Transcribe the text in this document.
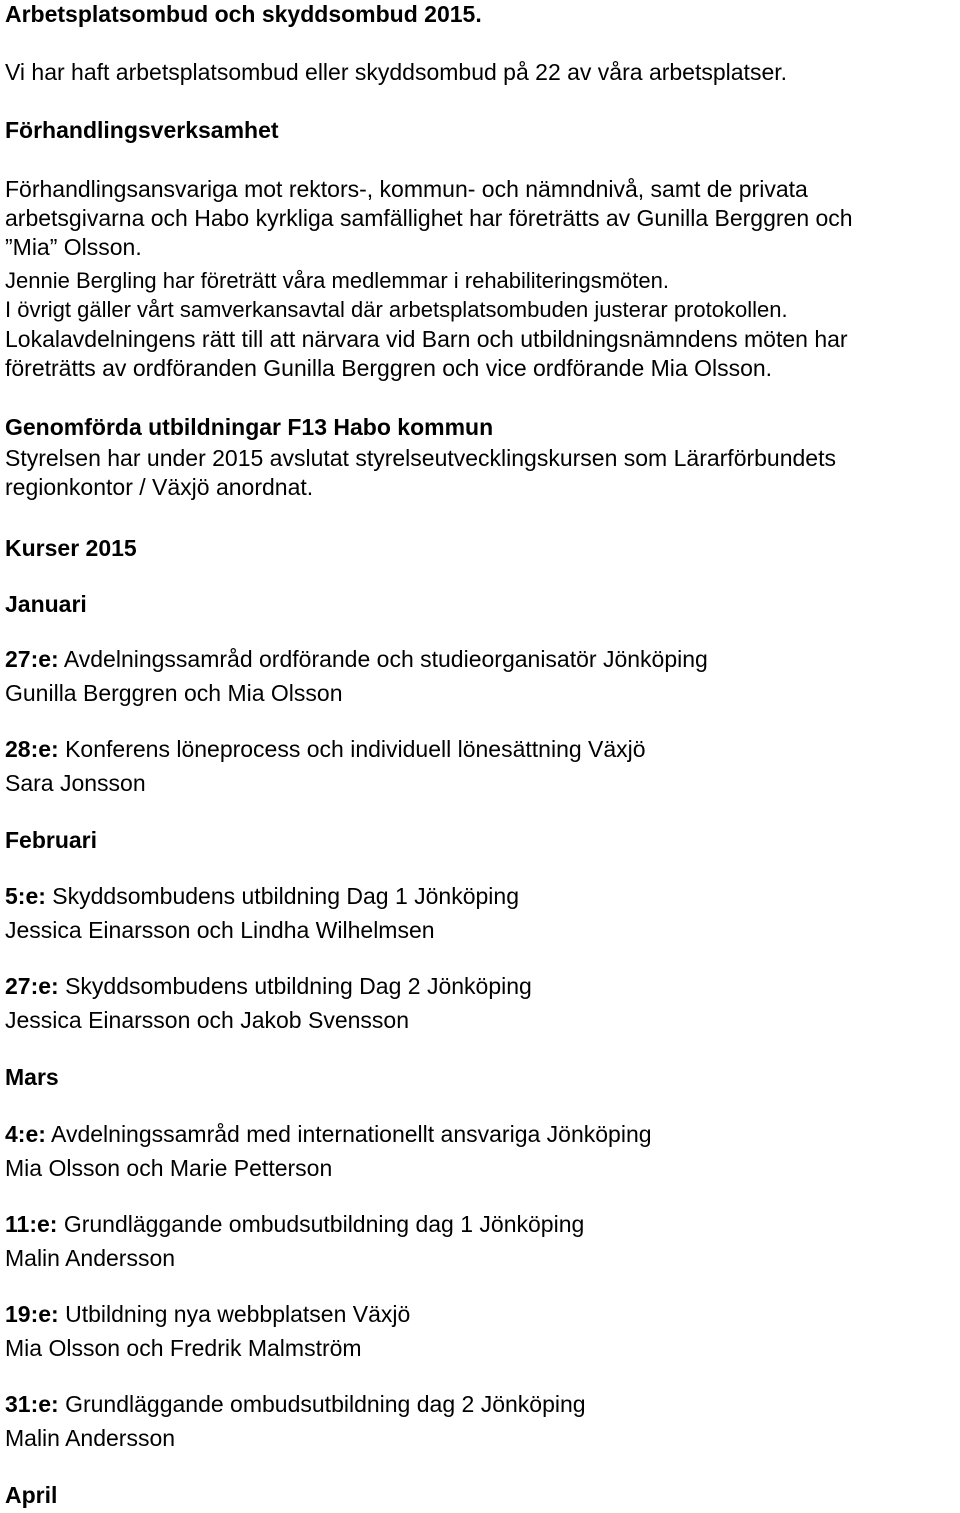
Arbetsplatsombud och skyddsombud 2015.
Vi har haft arbetsplatsombud eller skyddsombud på 22 av våra arbetsplatser.
Förhandlingsverksamhet
Förhandlingsansvariga mot rektors-, kommun- och nämndnivå, samt de privata
arbetsgivarna och Habo kyrkliga samfällighet har företrätts av Gunilla Berggren och
”Mia” Olsson.
Jennie Bergling har företrätt våra medlemmar i rehabiliteringsmöten.
I övrigt gäller vårt samverkansavtal där arbetsplatsombuden justerar protokollen.
Lokalavdelningens rätt till att närvara vid Barn och utbildningsnämndens möten har
företrätts av ordföranden Gunilla Berggren och vice ordförande Mia Olsson.
Genomförda utbildningar F13 Habo kommun
Styrelsen har under 2015 avslutat styrelseutvecklingskursen som Lärarförbundets
regionkontor / Växjö anordnat.
Kurser 2015
Januari
27:e: Avdelningssamråd ordförande och studieorganisatör Jönköping
Gunilla Berggren och Mia Olsson
28:e: Konferens löneprocess och individuell lönesättning Växjö
Sara Jonsson
Februari
5:e: Skyddsombudens utbildning Dag 1 Jönköping
Jessica Einarsson och Lindha Wilhelmsen
27:e: Skyddsombudens utbildning Dag 2 Jönköping
Jessica Einarsson och Jakob Svensson
Mars
4:e: Avdelningssamråd med internationellt ansvariga Jönköping
Mia Olsson och Marie Petterson
11:e: Grundläggande ombudsutbildning dag 1 Jönköping
Malin Andersson
19:e: Utbildning nya webbplatsen Växjö
Mia Olsson och Fredrik Malmström
31:e: Grundläggande ombudsutbildning dag 2 Jönköping
Malin Andersson
April
